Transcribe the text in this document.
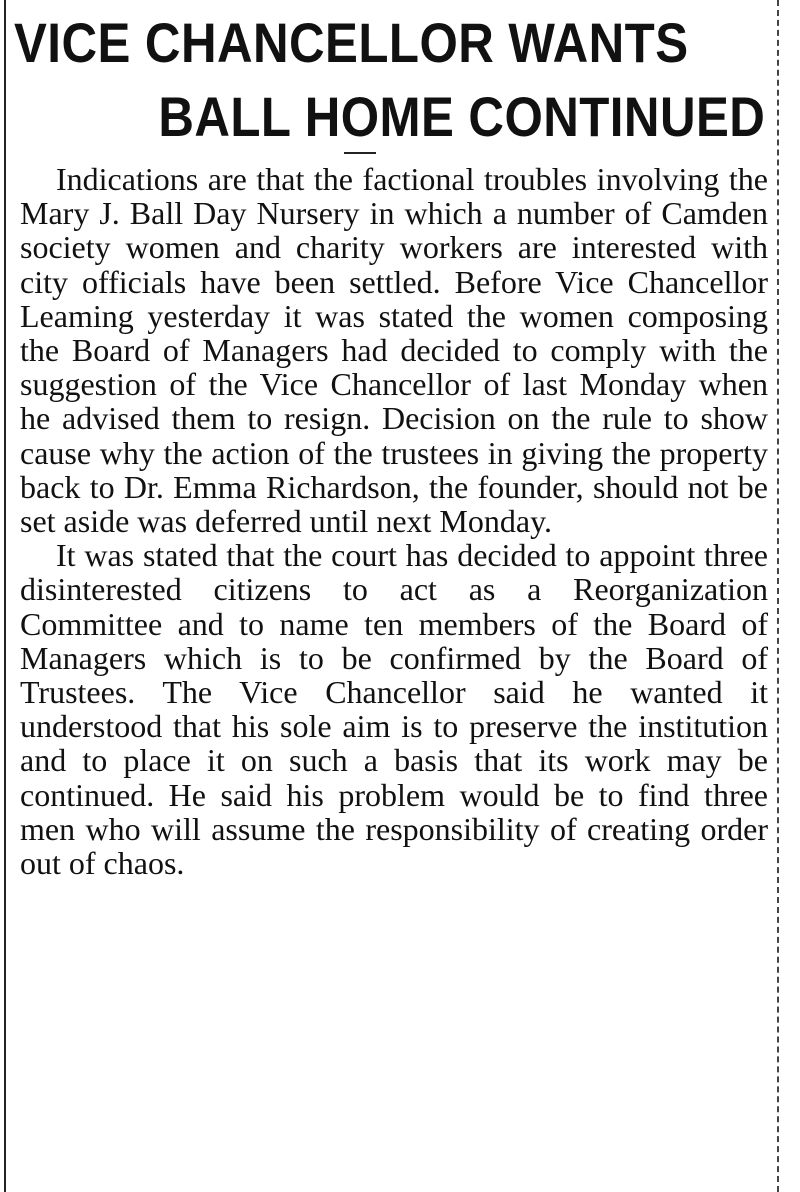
VICE CHANCELLOR WANTS
BALL HOME CONTINUED

Indications are that the factional troubles involving the Mary J. Ball Day Nursery in which a number of Camden society women and charity workers are interested with city officials have been settled. Before Vice Chancellor Leaming yesterday it was stated the women composing the Board of Managers had decided to comply with the suggestion of the Vice Chancellor of last Monday when he advised them to resign. Decision on the rule to show cause why the action of the trustees in giving the property back to Dr. Emma Richardson, the founder, should not be set aside was deferred until next Monday.

It was stated that the court has decided to appoint three disinterested citizens to act as a Reorganization Committee and to name ten members of the Board of Managers which is to be confirmed by the Board of Trustees. The Vice Chancellor said he wanted it understood that his sole aim is to preserve the institution and to place it on such a basis that its work may be continued. He said his problem would be to find three men who will assume the responsibility of creating order out of chaos.
